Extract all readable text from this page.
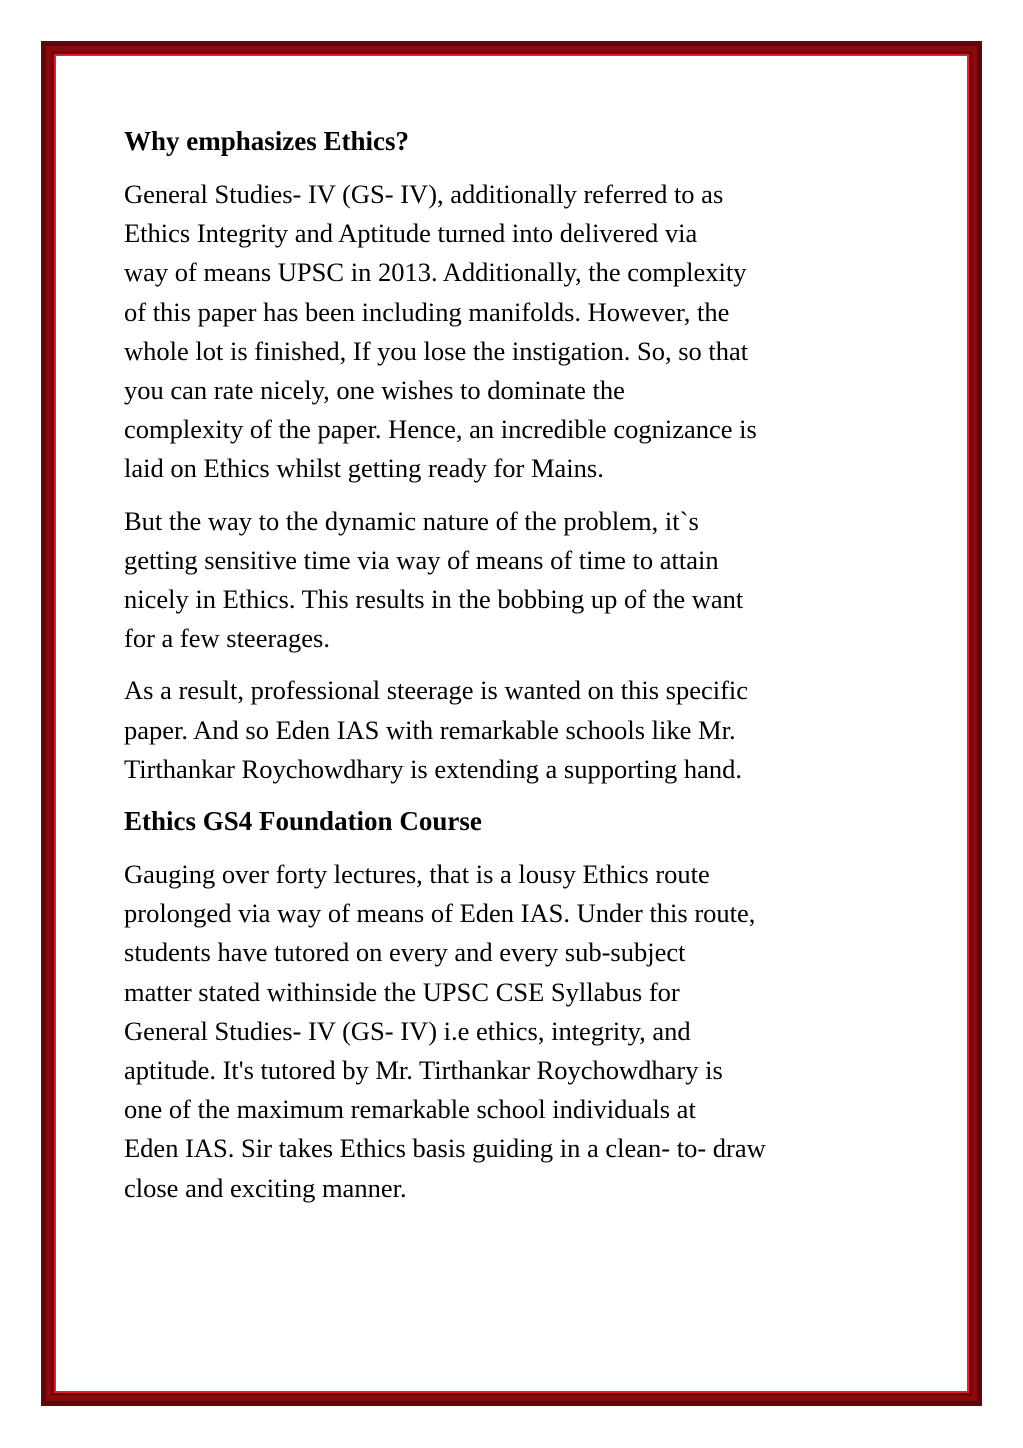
Why emphasizes Ethics?
General Studies- IV (GS- IV), additionally referred to as
Ethics Integrity and Aptitude turned into delivered via
way of means UPSC in 2013. Additionally, the complexity
of this paper has been including manifolds. However, the
whole lot is finished, If you lose the instigation. So, so that
you can rate nicely, one wishes to dominate the
complexity of the paper. Hence, an incredible cognizance is
laid on Ethics whilst getting ready for Mains.
But the way to the dynamic nature of the problem, it`s
getting sensitive time via way of means of time to attain
nicely in Ethics. This results in the bobbing up of the want
for a few steerages.
As a result, professional steerage is wanted on this specific
paper. And so Eden IAS with remarkable schools like Mr.
Tirthankar Roychowdhary is extending a supporting hand.
Ethics GS4 Foundation Course
Gauging over forty lectures, that is a lousy Ethics route
prolonged via way of means of Eden IAS. Under this route,
students have tutored on every and every sub-subject
matter stated withinside the UPSC CSE Syllabus for
General Studies- IV (GS- IV) i.e ethics, integrity, and
aptitude. It's tutored by Mr. Tirthankar Roychowdhary is
one of the maximum remarkable school individuals at
Eden IAS. Sir takes Ethics basis guiding in a clean- to- draw
close and exciting manner.
